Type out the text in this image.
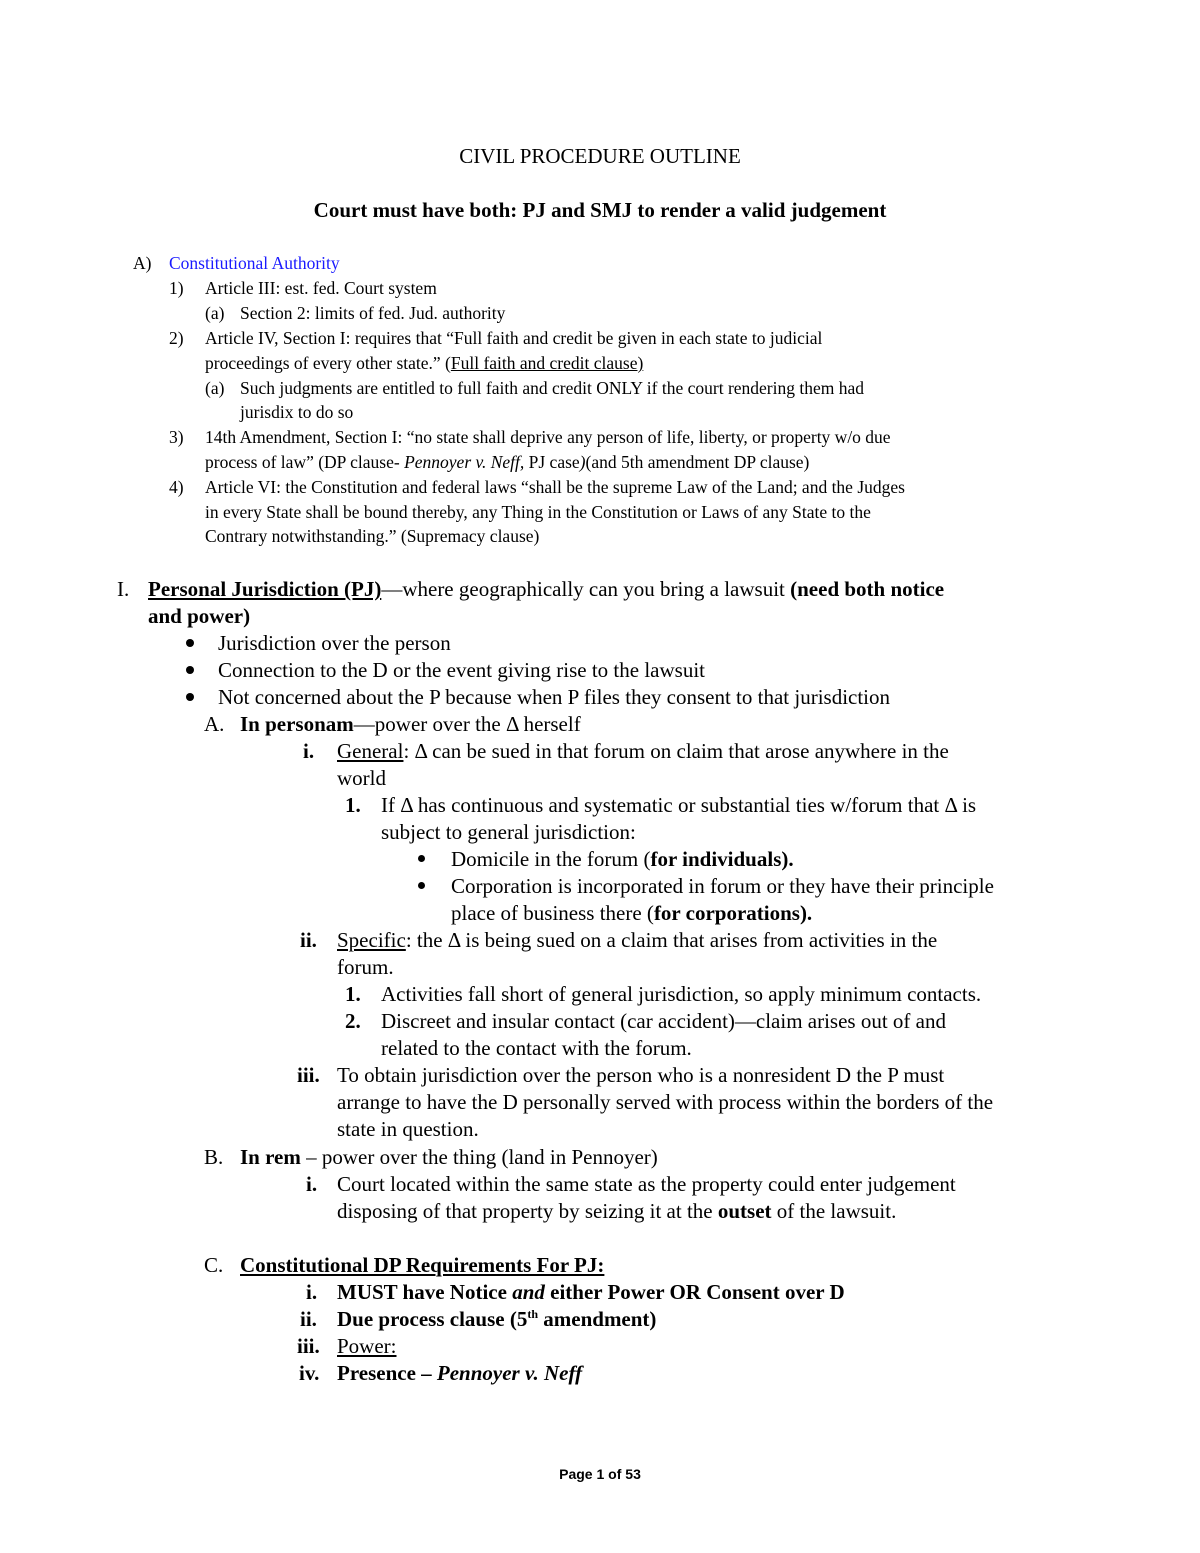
CIVIL PROCEDURE OUTLINE
Court must have both: PJ and SMJ to render a valid judgement
A) Constitutional Authority
1) Article III: est. fed. Court system
(a) Section 2: limits of fed. Jud. authority
2) Article IV, Section I: requires that “Full faith and credit be given in each state to judicial
proceedings of every other state.” (Full faith and credit clause)
(a) Such judgments are entitled to full faith and credit ONLY if the court rendering them had
jurisdix to do so
3) 14th Amendment, Section I: “no state shall deprive any person of life, liberty, or property w/o due
process of law” (DP clause- Pennoyer v. Neff, PJ case)(and 5th amendment DP clause)
4) Article VI: the Constitution and federal laws “shall be the supreme Law of the Land; and the Judges
in every State shall be bound thereby, any Thing in the Constitution or Laws of any State to the
Contrary notwithstanding.” (Supremacy clause)
I. Personal Jurisdiction (PJ)—where geographically can you bring a lawsuit (need both notice
and power)
Jurisdiction over the person
Connection to the D or the event giving rise to the lawsuit
Not concerned about the P because when P files they consent to that jurisdiction
A. In personam—power over the Δ herself
i. General: Δ can be sued in that forum on claim that arose anywhere in the
world
1. If Δ has continuous and systematic or substantial ties w/forum that Δ is
subject to general jurisdiction:
Domicile in the forum (for individuals).
Corporation is incorporated in forum or they have their principle
place of business there (for corporations).
ii. Specific: the Δ is being sued on a claim that arises from activities in the
forum.
1. Activities fall short of general jurisdiction, so apply minimum contacts.
2. Discreet and insular contact (car accident)—claim arises out of and
related to the contact with the forum.
iii. To obtain jurisdiction over the person who is a nonresident D the P must
arrange to have the D personally served with process within the borders of the
state in question.
B. In rem – power over the thing (land in Pennoyer)
i. Court located within the same state as the property could enter judgement
disposing of that property by seizing it at the outset of the lawsuit.
C. Constitutional DP Requirements For PJ:
i. MUST have Notice and either Power OR Consent over D
ii. Due process clause (5th amendment)
iii. Power:
iv. Presence – Pennoyer v. Neff
Page 1 of 53
